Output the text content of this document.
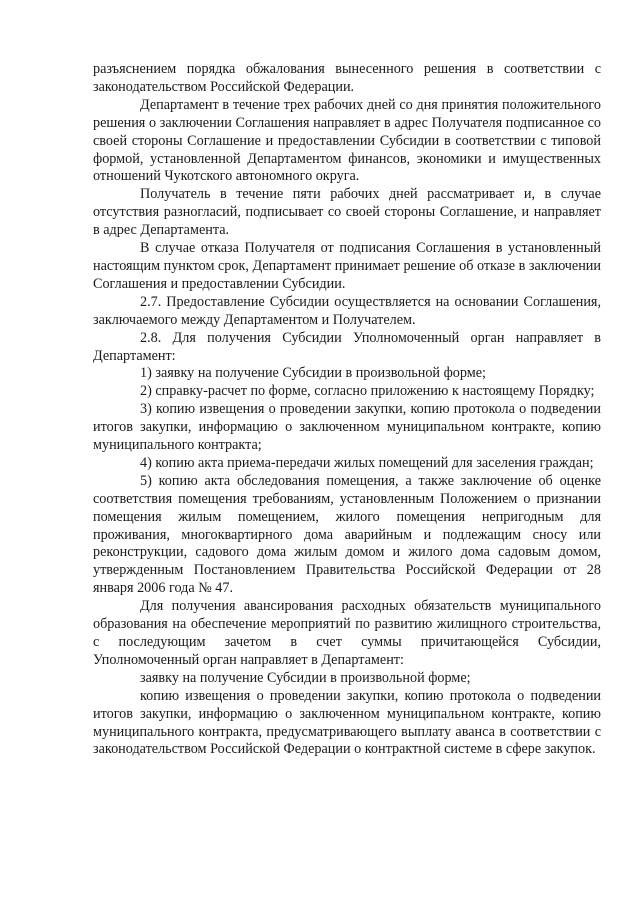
разъяснением порядка обжалования вынесенного решения в соответствии с законодательством Российской Федерации.

Департамент в течение трех рабочих дней со дня принятия положительного решения о заключении Соглашения направляет в адрес Получателя подписанное со своей стороны Соглашение и предоставлении Субсидии в соответствии с типовой формой, установленной Департаментом финансов, экономики и имущественных отношений Чукотского автономного округа.

Получатель в течение пяти рабочих дней рассматривает и, в случае отсутствия разногласий, подписывает со своей стороны Соглашение, и направляет в адрес Департамента.

В случае отказа Получателя от подписания Соглашения в установленный настоящим пунктом срок, Департамент принимает решение об отказе в заключении Соглашения и предоставлении Субсидии.

2.7. Предоставление Субсидии осуществляется на основании Соглашения, заключаемого между Департаментом и Получателем.

2.8. Для получения Субсидии Уполномоченный орган направляет в Департамент:

1) заявку на получение Субсидии в произвольной форме;

2) справку-расчет по форме, согласно приложению к настоящему Порядку;

3) копию извещения о проведении закупки, копию протокола о подведении итогов закупки, информацию о заключенном муниципальном контракте, копию муниципального контракта;

4) копию акта приема-передачи жилых помещений для заселения граждан;

5) копию акта обследования помещения, а также заключение об оценке соответствия помещения требованиям, установленным Положением о признании помещения жилым помещением, жилого помещения непригодным для проживания, многоквартирного дома аварийным и подлежащим сносу или реконструкции, садового дома жилым домом и жилого дома садовым домом, утвержденным Постановлением Правительства Российской Федерации от 28 января 2006 года № 47.

Для получения авансирования расходных обязательств муниципального образования на обеспечение мероприятий по развитию жилищного строительства, с последующим зачетом в счет суммы причитающейся Субсидии, Уполномоченный орган направляет в Департамент:

заявку на получение Субсидии в произвольной форме;

копию извещения о проведении закупки, копию протокола о подведении итогов закупки, информацию о заключенном муниципальном контракте, копию муниципального контракта, предусматривающего выплату аванса в соответствии с законодательством Российской Федерации о контрактной системе в сфере закупок.
